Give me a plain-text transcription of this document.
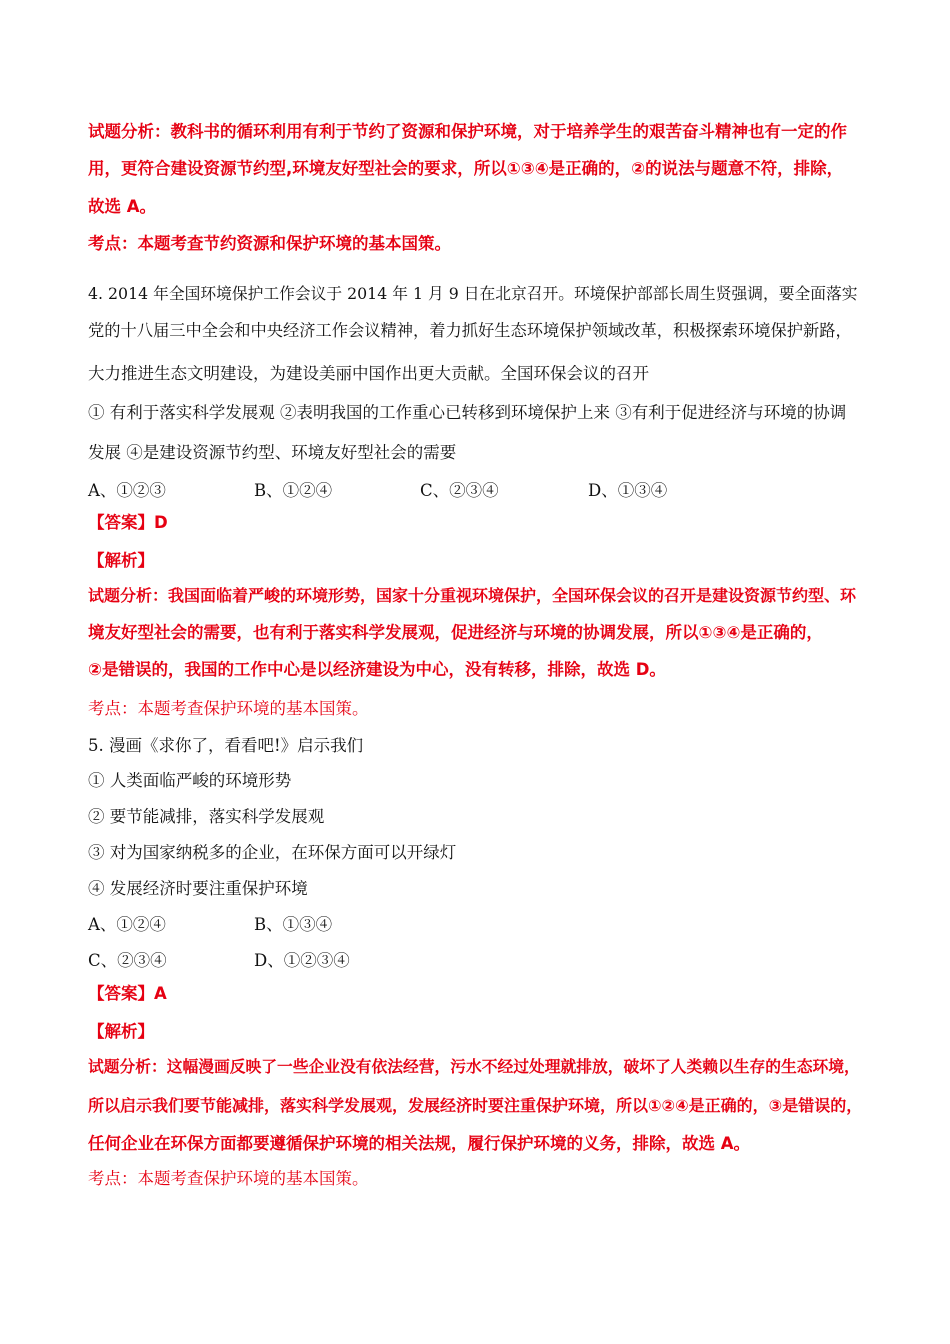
试题分析：教科书的循环利用有利于节约了资源和保护环境，对于培养学生的艰苦奋斗精神也有一定的作
用，更符合建设资源节约型,环境友好型社会的要求，所以①③④是正确的，②的说法与题意不符，排除，
故选 A。
考点：本题考查节约资源和保护环境的基本国策。
4. 2014 年全国环境保护工作会议于 2014 年 1 月 9 日在北京召开。环境保护部部长周生贤强调，要全面落实
党的十八届三中全会和中央经济工作会议精神，着力抓好生态环境保护领域改革，积极探索环境保护新路，
大力推进生态文明建设，为建设美丽中国作出更大贡献。全国环保会议的召开
① 有利于落实科学发展观 ②表明我国的工作重心已转移到环境保护上来 ③有利于促进经济与环境的协调
发展 ④是建设资源节约型、环境友好型社会的需要
A、①②③	B、①②④	C、②③④	D、①③④
【答案】D
【解析】
试题分析：我国面临着严峻的环境形势，国家十分重视环境保护，全国环保会议的召开是建设资源节约型、环
境友好型社会的需要，也有利于落实科学发展观，促进经济与环境的协调发展，所以①③④是正确的，
②是错误的，我国的工作中心是以经济建设为中心，没有转移，排除，故选 D。
考点：本题考查保护环境的基本国策。
5. 漫画《求你了，看看吧!》启示我们
① 人类面临严峻的环境形势
② 要节能减排，落实科学发展观
③ 对为国家纳税多的企业，在环保方面可以开绿灯
④ 发展经济时要注重保护环境
A、①②④	B、①③④
C、②③④	D、①②③④
【答案】A
【解析】
试题分析：这幅漫画反映了一些企业没有依法经营，污水不经过处理就排放，破坏了人类赖以生存的生态环境，
所以启示我们要节能减排，落实科学发展观，发展经济时要注重保护环境，所以①②④是正确的，③是错误的，
任何企业在环保方面都要遵循保护环境的相关法规，履行保护环境的义务，排除，故选 A。
考点：本题考查保护环境的基本国策。
